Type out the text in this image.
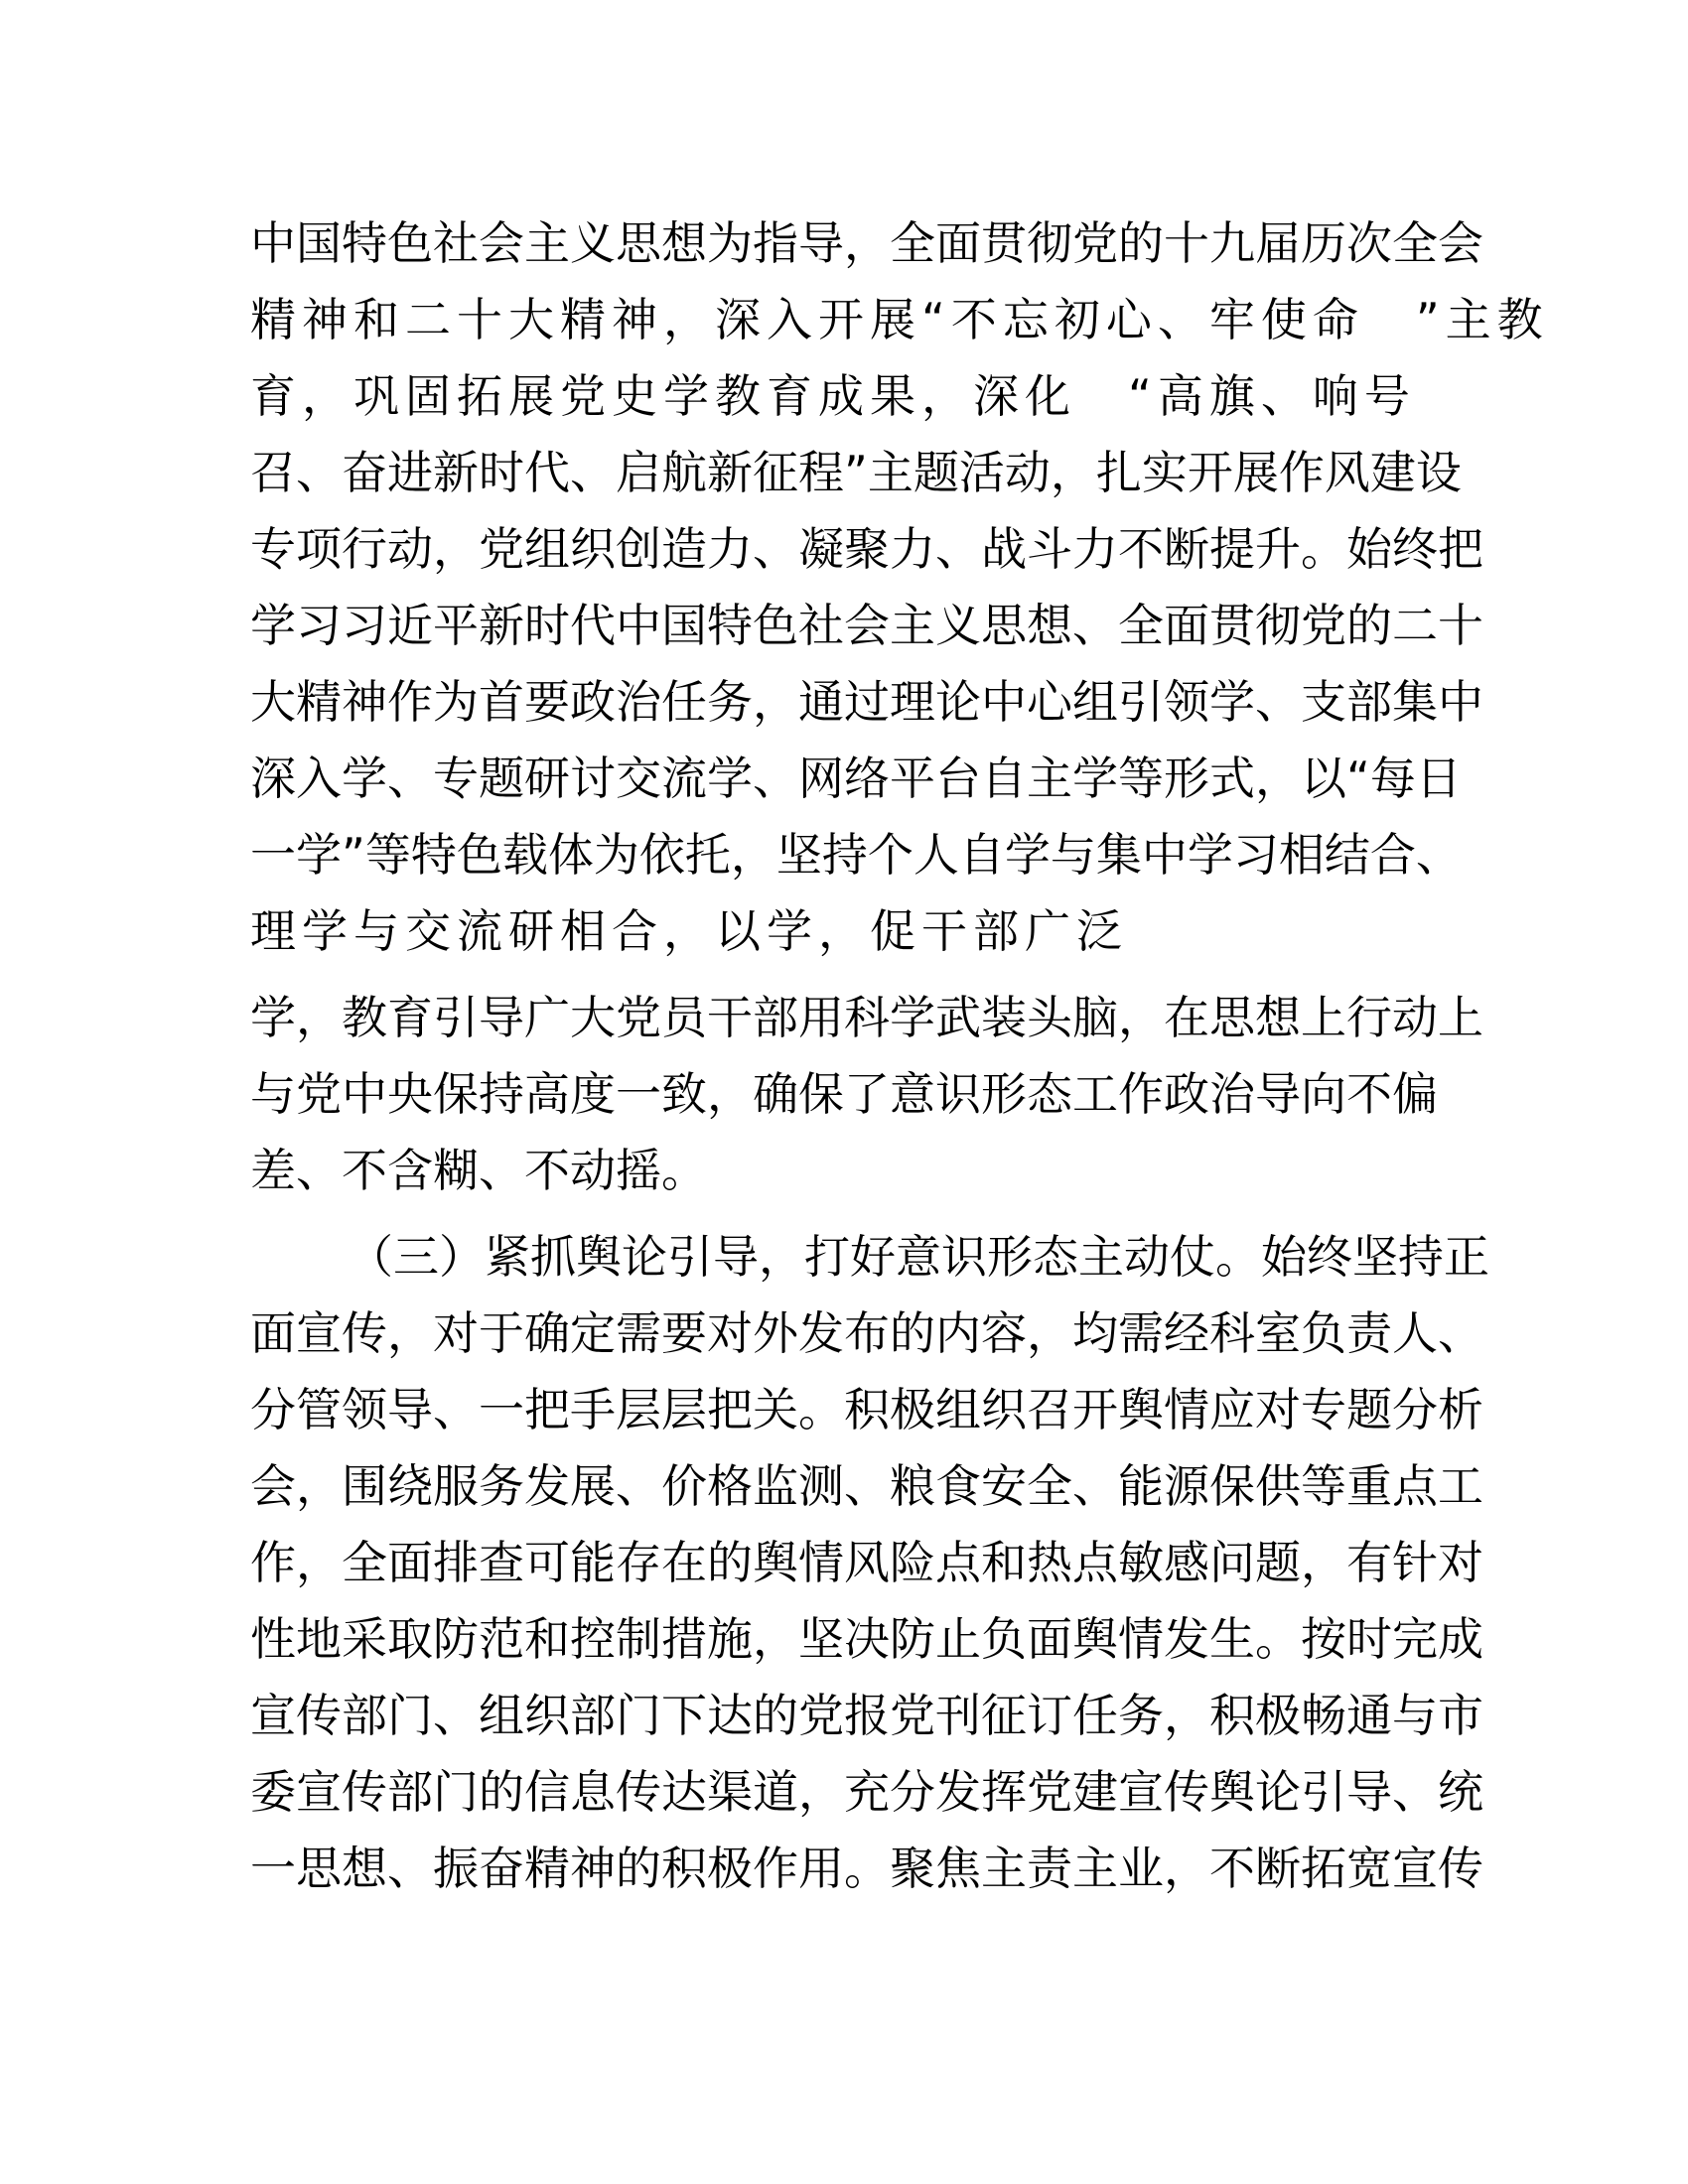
中国特色社会主义思想为指导，全面贯彻党的十九届历次全会
精神和二十大精神，深入开展“不忘初心、牢使命　”主教
育，巩固拓展党史学教育成果，深化　“高旗、响号
召、奋进新时代、启航新征程”主题活动，扎实开展作风建设
专项行动，党组织创造力、凝聚力、战斗力不断提升。始终把
学习习近平新时代中国特色社会主义思想、全面贯彻党的二十
大精神作为首要政治任务，通过理论中心组引领学、支部集中
深入学、专题研讨交流学、网络平台自主学等形式，以“每日
一学”等特色载体为依托，坚持个人自学与集中学习相结合、
理学与交流研相合，以学，促干部广泛
学，教育引导广大党员干部用科学武装头脑，在思想上行动上
与党中央保持高度一致，确保了意识形态工作政治导向不偏
差、不含糊、不动摇。
（三）紧抓舆论引导，打好意识形态主动仗。始终坚持正
面宣传，对于确定需要对外发布的内容，均需经科室负责人、
分管领导、一把手层层把关。积极组织召开舆情应对专题分析
会，围绕服务发展、价格监测、粮食安全、能源保供等重点工
作，全面排查可能存在的舆情风险点和热点敏感问题，有针对
性地采取防范和控制措施，坚决防止负面舆情发生。按时完成
宣传部门、组织部门下达的党报党刊征订任务，积极畅通与市
委宣传部门的信息传达渠道，充分发挥党建宣传舆论引导、统
一思想、振奋精神的积极作用。聚焦主责主业，不断拓宽宣传
